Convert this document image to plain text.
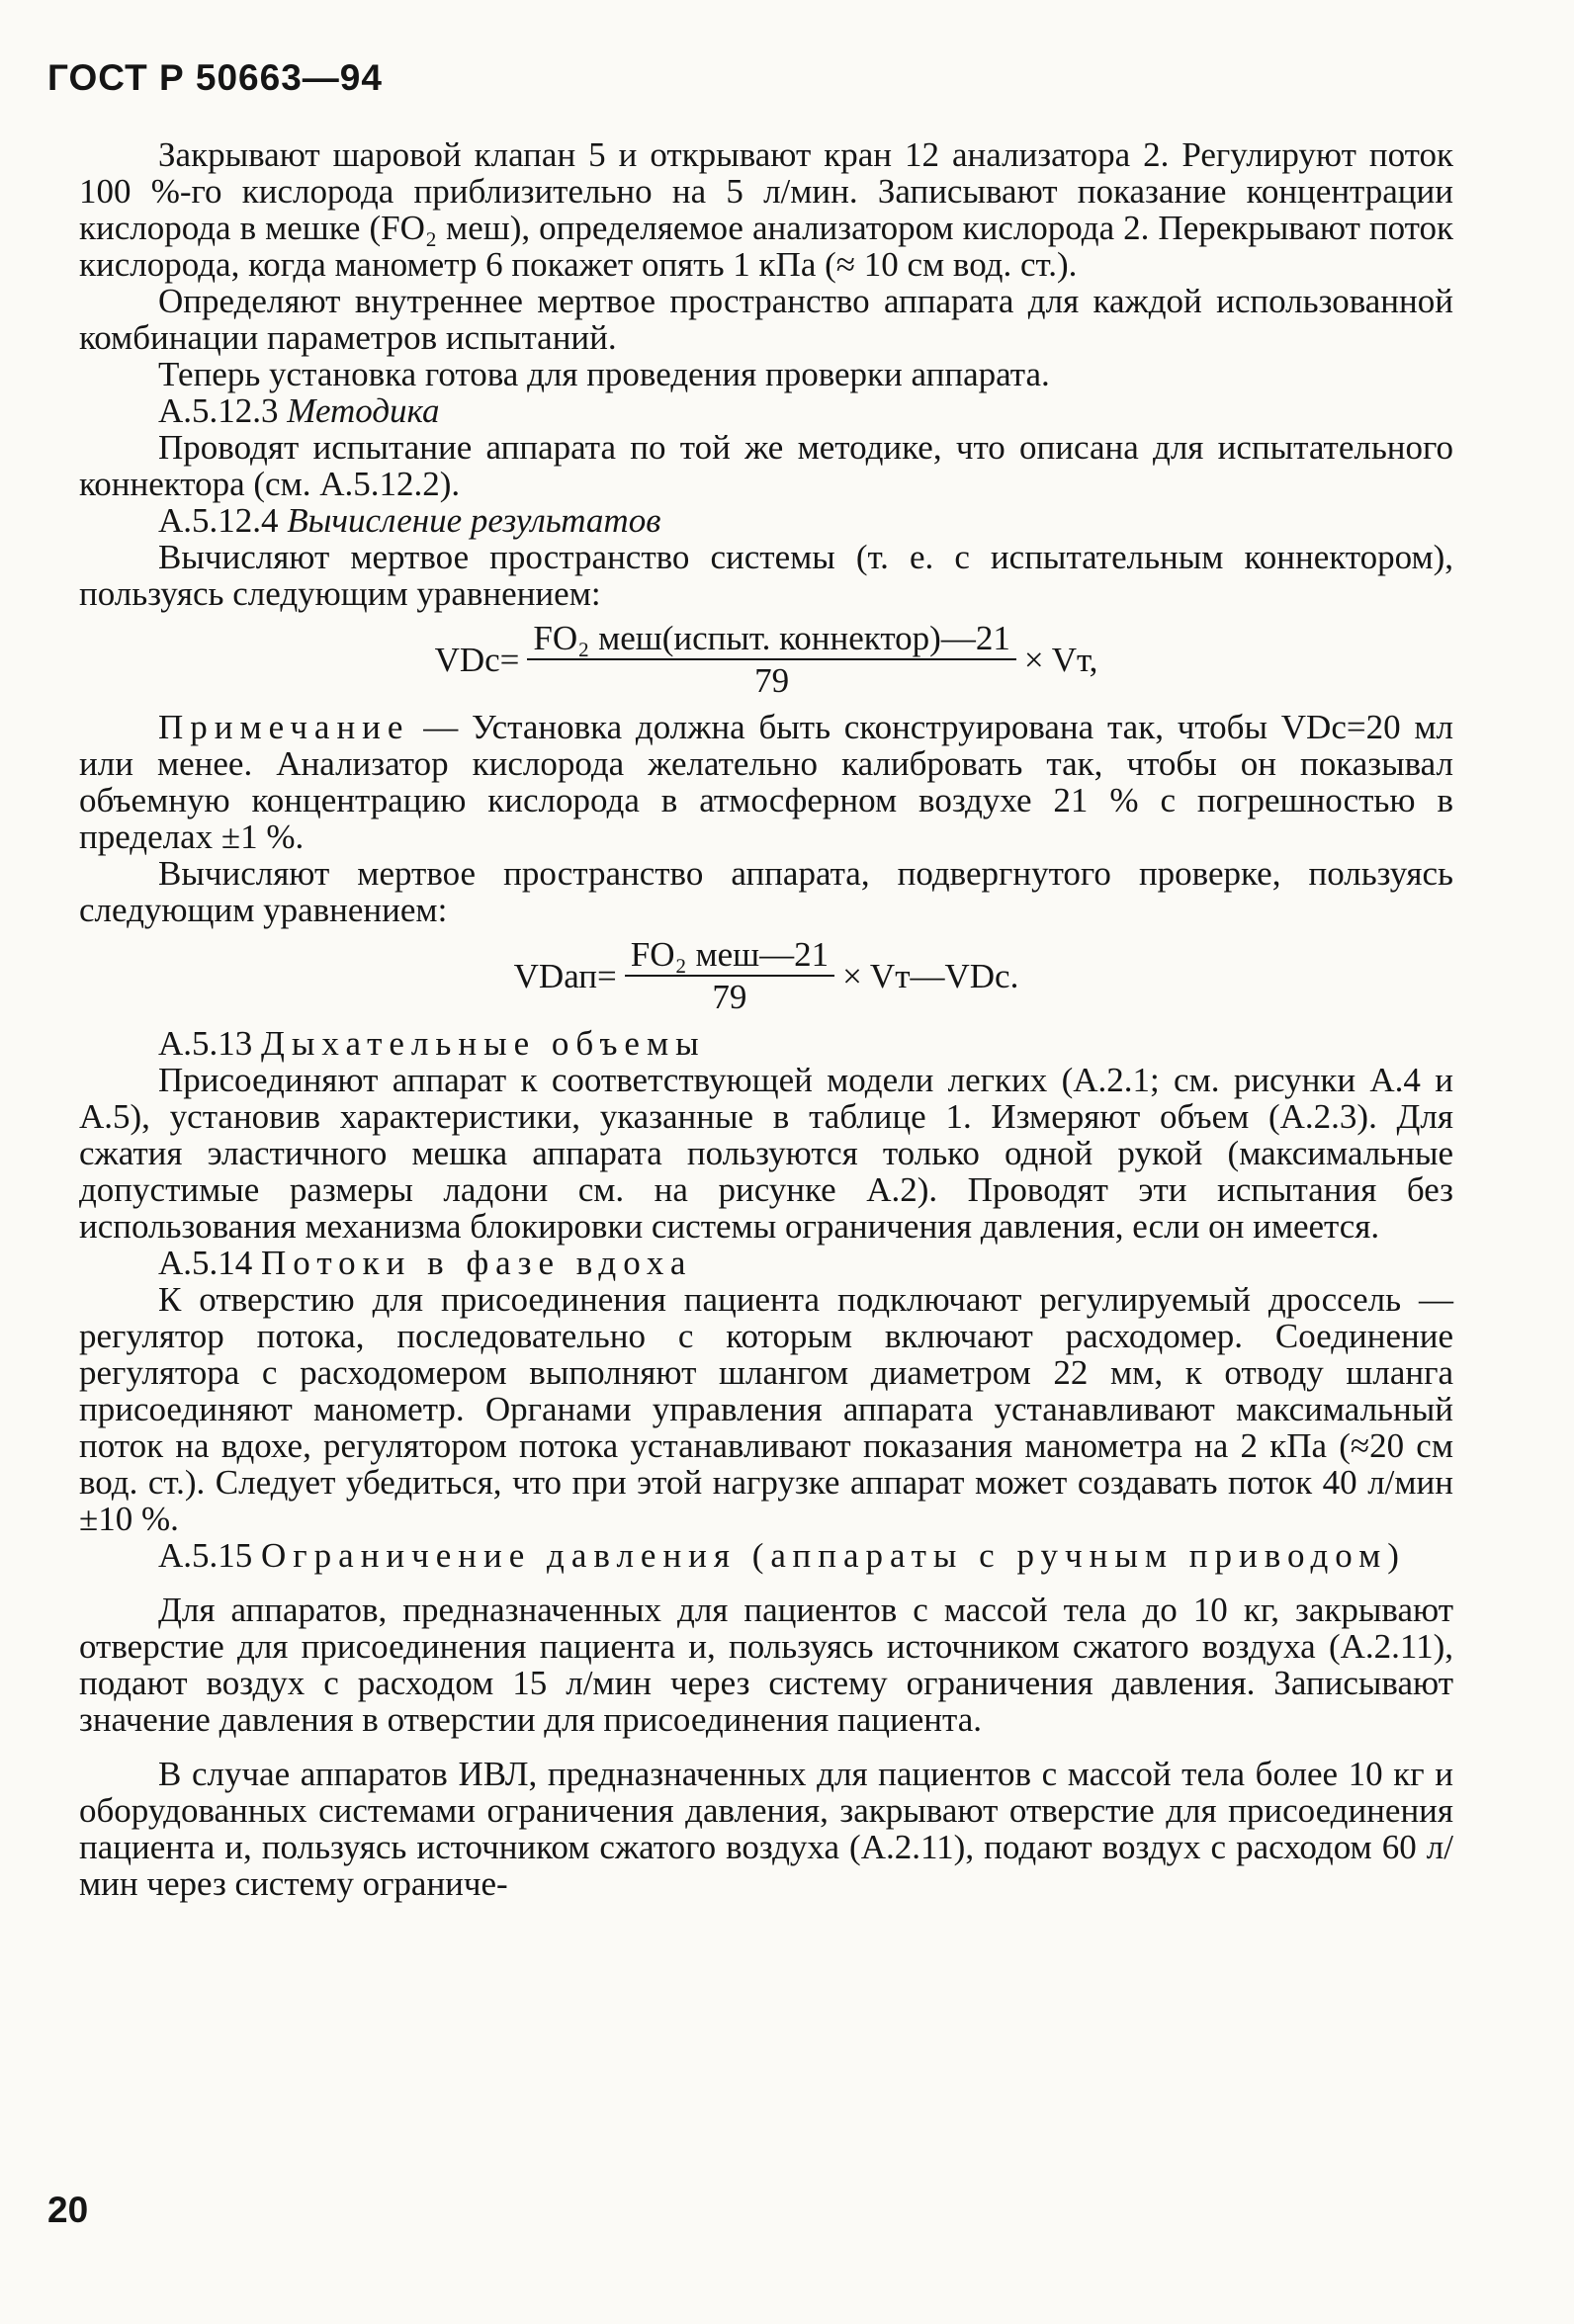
ГОСТ Р 50663—94

Закрывают шаровой клапан 5 и открывают кран 12 анализатора 2. Регулируют поток 100 %-го кислорода приблизительно на 5 л/мин. Записывают показание концентрации кислорода в мешке (FO₂ меш), определяемое анализатором кислорода 2. Перекрывают поток кислорода, когда манометр 6 покажет опять 1 кПа (≈ 10 см вод. ст.).

Определяют внутреннее мертвое пространство аппарата для каждой использованной комбинации параметров испытаний.

Теперь установка готова для проведения проверки аппарата.

А.5.12.3 Методика

Проводят испытание аппарата по той же методике, что описана для испытательного коннектора (см. А.5.12.2).

А.5.12.4 Вычисление результатов

Вычисляют мертвое пространство системы (т. е. с испытательным коннектором), пользуясь следующим уравнением:

$VDc= \frac{\text{FO₂ меш(испыт. коннектор)—21}}{79}$ × Vт,

Примечание — Установка должна быть сконструирована так, чтобы VDc=20 мл или менее. Анализатор кислорода желательно калибровать так, чтобы он показывал объемную концентрацию кислорода в атмосферном воздухе 21 % с погрешностью в пределах ±1 %.

Вычисляют мертвое пространство аппарата, подвергнутого проверке, пользуясь следующим уравнением:

VDап= $\frac{\text{FO₂ меш—21}}{79}$ × Vт—VDc.

А.5.13 Дыхательные объемы

Присоединяют аппарат к соответствующей модели легких (А.2.1; см. рисунки А.4 и А.5), установив характеристики, указанные в таблице 1. Измеряют объем (А.2.3). Для сжатия эластичного мешка аппарата пользуются только одной рукой (максимальные допустимые размеры ладони см. на рисунке А.2). Проводят эти испытания без использования механизма блокировки системы ограничения давления, если он имеется.

А.5.14 Потоки в фазе вдоха

К отверстию для присоединения пациента подключают регулируемый дроссель — регулятор потока, последовательно с которым включают расходомер. Соединение регулятора с расходомером выполняют шлангом диаметром 22 мм, к отводу шланга присоединяют манометр. Органами управления аппарата устанавливают максимальный поток на вдохе, регулятором потока устанавливают показания манометра на 2 кПа (≈20 см вод. ст.). Следует убедиться, что при этой нагрузке аппарат может создавать поток 40 л/мин ±10 %.

А.5.15 Ограничение давления (аппараты с ручным приводом)

Для аппаратов, предназначенных для пациентов с массой тела до 10 кг, закрывают отверстие для присоединения пациента и, пользуясь источником сжатого воздуха (А.2.11), подают воздух с расходом 15 л/мин через систему ограничения давления. Записывают значение давления в отверстии для присоединения пациента.

В случае аппаратов ИВЛ, предназначенных для пациентов с массой тела более 10 кг и оборудованных системами ограничения давления, закрывают отверстие для присоединения пациента и, пользуясь источником сжатого воздуха (А.2.11), подают воздух с расходом 60 л/мин через систему ограниче-

20
